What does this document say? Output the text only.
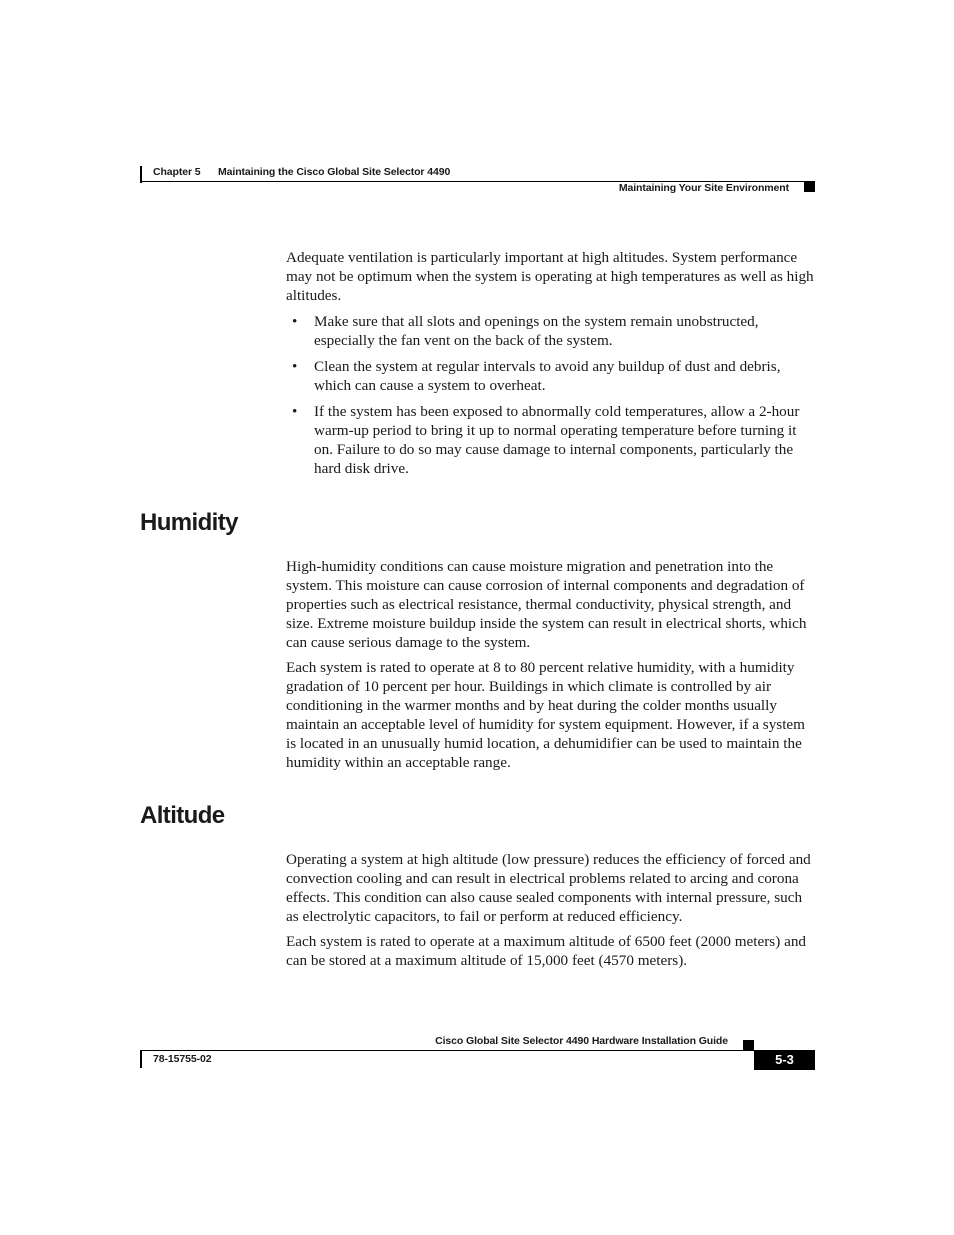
Chapter 5 Maintaining the Cisco Global Site Selector 4490
Maintaining Your Site Environment

Adequate ventilation is particularly important at high altitudes. System performance may not be optimum when the system is operating at high temperatures as well as high altitudes.

• Make sure that all slots and openings on the system remain unobstructed, especially the fan vent on the back of the system.
• Clean the system at regular intervals to avoid any buildup of dust and debris, which can cause a system to overheat.
• If the system has been exposed to abnormally cold temperatures, allow a 2-hour warm-up period to bring it up to normal operating temperature before turning it on. Failure to do so may cause damage to internal components, particularly the hard disk drive.
Humidity

High-humidity conditions can cause moisture migration and penetration into the system. This moisture can cause corrosion of internal components and degradation of properties such as electrical resistance, thermal conductivity, physical strength, and size. Extreme moisture buildup inside the system can result in electrical shorts, which can cause serious damage to the system.

Each system is rated to operate at 8 to 80 percent relative humidity, with a humidity gradation of 10 percent per hour. Buildings in which climate is controlled by air conditioning in the warmer months and by heat during the colder months usually maintain an acceptable level of humidity for system equipment. However, if a system is located in an unusually humid location, a dehumidifier can be used to maintain the humidity within an acceptable range.

Altitude

Operating a system at high altitude (low pressure) reduces the efficiency of forced and convection cooling and can result in electrical problems related to arcing and corona effects. This condition can also cause sealed components with internal pressure, such as electrolytic capacitors, to fail or perform at reduced efficiency.

Each system is rated to operate at a maximum altitude of 6500 feet (2000 meters) and can be stored at a maximum altitude of 15,000 feet (4570 meters).

Cisco Global Site Selector 4490 Hardware Installation Guide
78-15755-02	5-3
